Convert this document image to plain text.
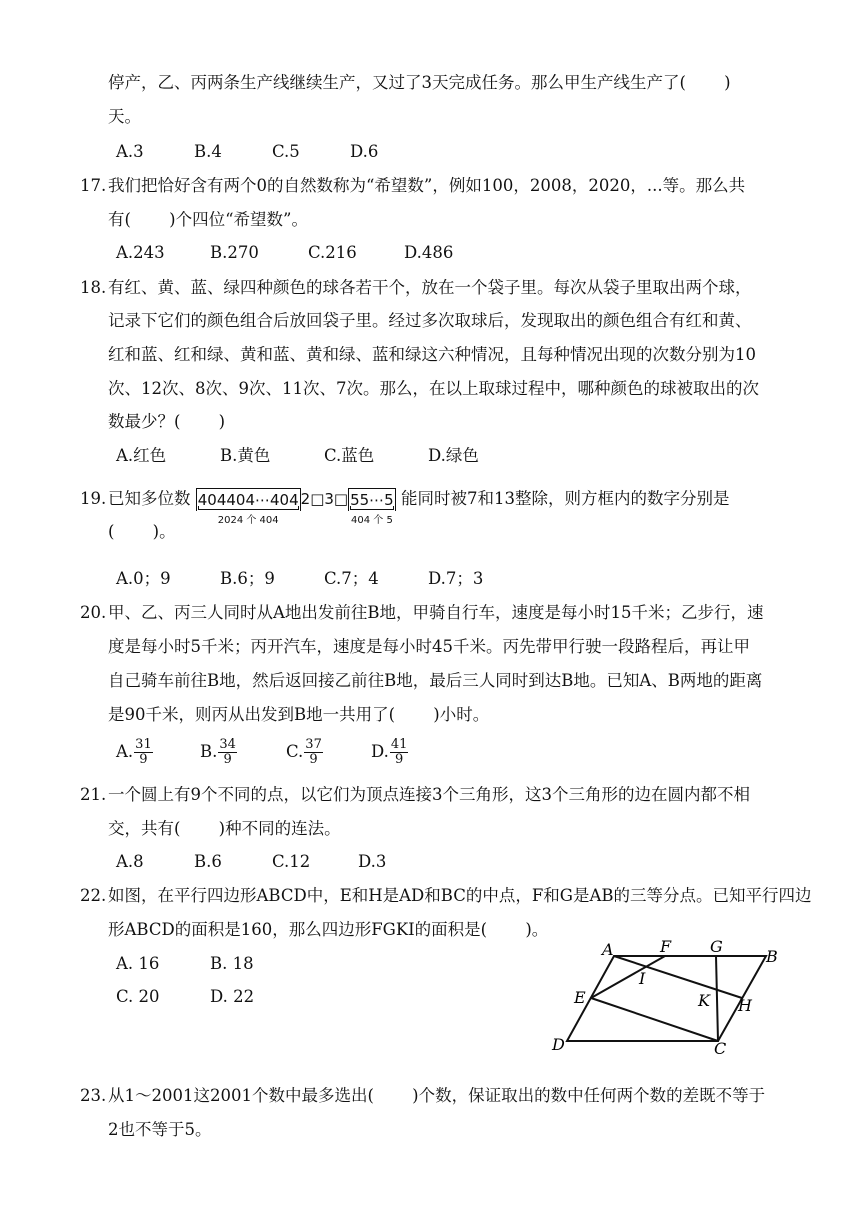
停产，乙、丙两条生产线继续生产，又过了3天完成任务。那么甲生产线生产了(　　 )
天。
A.3	B.4	C.5	D.6
17. 我们把恰好含有两个0的自然数称为“希望数”，例如100，2008，2020，...等。那么共
有(　　 )个四位“希望数”。
A.243	B.270	C.216	D.486
18. 有红、黄、蓝、绿四种颜色的球各若干个，放在一个袋子里。每次从袋子里取出两个球，
记录下它们的颜色组合后放回袋子里。经过多次取球后，发现取出的颜色组合有红和黄、
红和蓝、红和绿、黄和蓝、黄和绿、蓝和绿这六种情况，且每种情况出现的次数分别为10
次、12次、8次、9次、11次、7次。那么，在以上取球过程中，哪种颜色的球被取出的次
数最少？(　　 )
A.红色	B.黄色	C.蓝色	D.绿色
19. 已知多位数 404404⋯404
2024 个 404
2□3□ 55⋯5
404 个 5
能同时被7和13整除，则方框内的数字分别是
(　　 )。
A.0；9	B.6；9	C.7；4	D.7；3
20. 甲、乙、丙三人同时从A地出发前往B地，甲骑自行车，速度是每小时15千米；乙步行，速
度是每小时5千米；丙开汽车，速度是每小时45千米。丙先带甲行驶一段路程后，再让甲
自己骑车前往B地，然后返回接乙前往B地，最后三人同时到达B地。已知A、B两地的距离
是90千米，则丙从出发到B地一共用了(　　 )小时。
A. $\frac{31}{9}$	B. $\frac{34}{9}$	C. $\frac{37}{9}$	D. $\frac{41}{9}$
21. 一个圆上有9个不同的点，以它们为顶点连接3个三角形，这3个三角形的边在圆内都不相
交，共有(　　 )种不同的连法。
A.8	B.6	C.12	D.3
22. 如图，在平行四边形ABCD中，E和H是AD和BC的中点，F和G是AB的三等分点。已知平行四边
形ABCD的面积是160，那么四边形FGKI的面积是(　　 )。
A. 16	B. 18
C. 20	D. 22
A	F G
B
I
E	K H
D	C
23. 从1～2001这2001个数中最多选出(　　 )个数，保证取出的数中任何两个数的差既不等于
2也不等于5。
